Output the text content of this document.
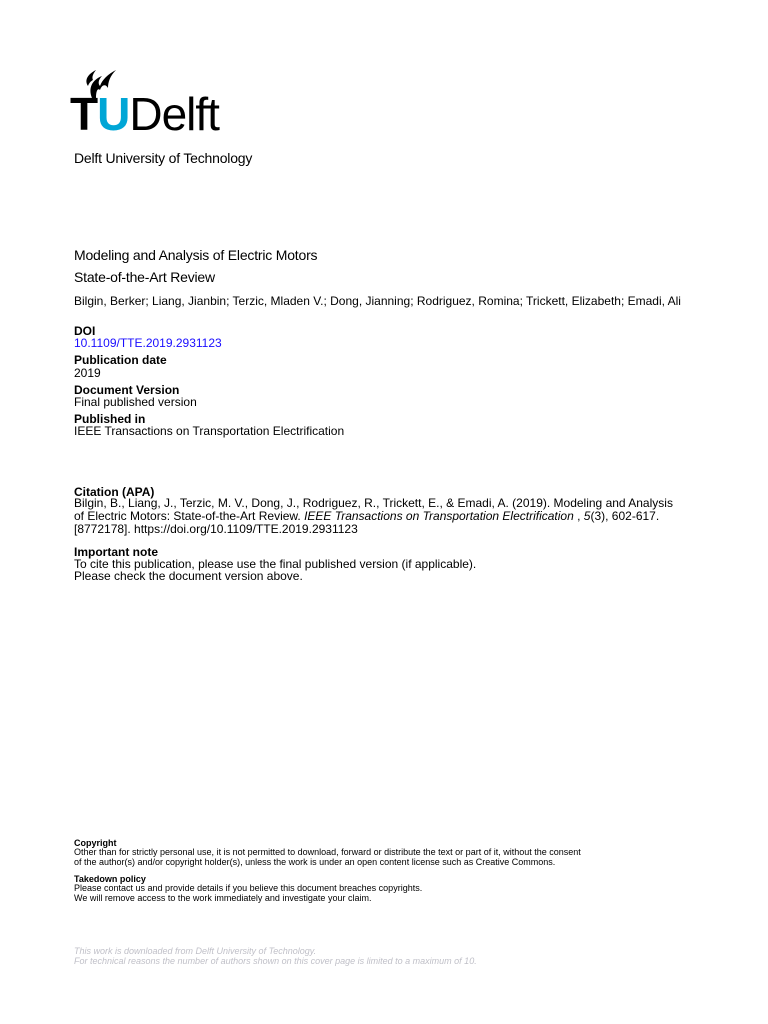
TUDelft
Delft University of Technology
Modeling and Analysis of Electric Motors
State-of-the-Art Review
Bilgin, Berker; Liang, Jianbin; Terzic, Mladen V.; Dong, Jianning; Rodriguez, Romina; Trickett, Elizabeth; Emadi, Ali
DOI
10.1109/TTE.2019.2931123
Publication date
2019
Document Version
Final published version
Published in
IEEE Transactions on Transportation Electrification
Citation (APA)
Bilgin, B., Liang, J., Terzic, M. V., Dong, J., Rodriguez, R., Trickett, E., & Emadi, A. (2019). Modeling and Analysis of Electric Motors: State-of-the-Art Review. IEEE Transactions on Transportation Electrification , 5(3), 602-617. [8772178]. https://doi.org/10.1109/TTE.2019.2931123
Important note
To cite this publication, please use the final published version (if applicable).
Please check the document version above.
Copyright
Other than for strictly personal use, it is not permitted to download, forward or distribute the text or part of it, without the consent
of the author(s) and/or copyright holder(s), unless the work is under an open content license such as Creative Commons.
Takedown policy
Please contact us and provide details if you believe this document breaches copyrights.
We will remove access to the work immediately and investigate your claim.
This work is downloaded from Delft University of Technology.
For technical reasons the number of authors shown on this cover page is limited to a maximum of 10.
